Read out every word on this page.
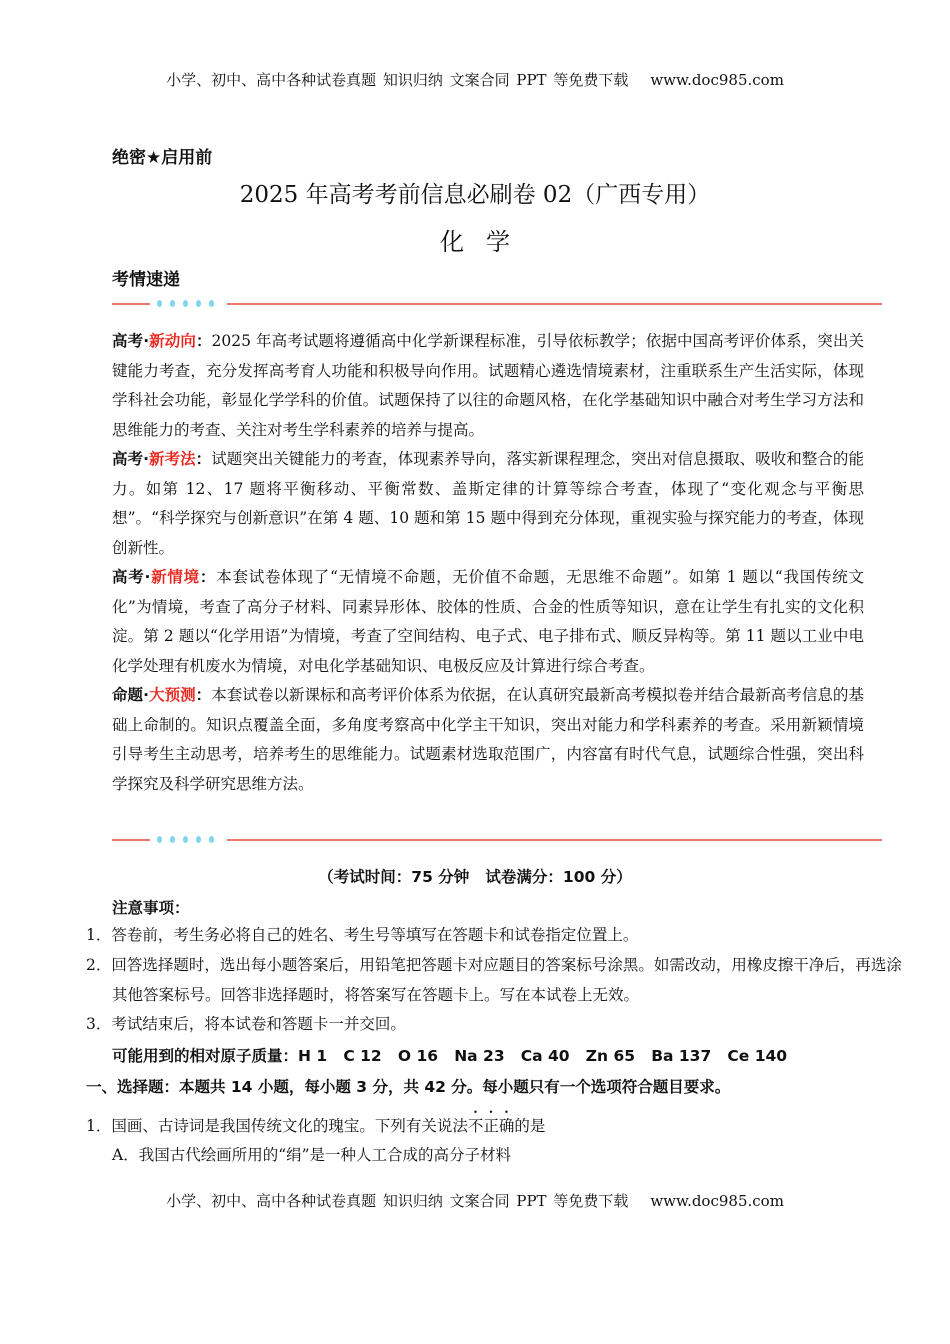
小学、初中、高中各种试卷真题 知识归纳 文案合同 PPT 等免费下载 www.doc985.com
绝密★启用前
2025 年高考考前信息必刷卷 02（广西专用）
化学
考情速递
高考·新动向：2025 年高考试题将遵循高中化学新课程标准，引导依标教学；依据中国高考评价体系，突出关键能力考查，充分发挥高考育人功能和积极导向作用。试题精心遴选情境素材，注重联系生产生活实际，体现学科社会功能，彰显化学学科的价值。试题保持了以往的命题风格，在化学基础知识中融合对考生学习方法和思维能力的考查、关注对考生学科素养的培养与提高。
高考·新考法：试题突出关键能力的考查，体现素养导向，落实新课程理念，突出对信息摄取、吸收和整合的能力。如第 12、17 题将平衡移动、平衡常数、盖斯定律的计算等综合考查，体现了“变化观念与平衡思想”。“科学探究与创新意识”在第 4 题、10 题和第 15 题中得到充分体现，重视实验与探究能力的考查，体现创新性。
高考·新情境：本套试卷体现了“无情境不命题，无价值不命题，无思维不命题”。如第 1 题以“我国传统文化”为情境，考查了高分子材料、同素异形体、胶体的性质、合金的性质等知识，意在让学生有扎实的文化积淀。第 2 题以“化学用语”为情境，考查了空间结构、电子式、电子排布式、顺反异构等。第 11 题以工业中电化学处理有机废水为情境，对电化学基础知识、电极反应及计算进行综合考查。
命题·大预测：本套试卷以新课标和高考评价体系为依据，在认真研究最新高考模拟卷并结合最新高考信息的基础上命制的。知识点覆盖全面，多角度考察高中化学主干知识，突出对能力和学科素养的考查。采用新颖情境引导考生主动思考，培养考生的思维能力。试题素材选取范围广，内容富有时代气息，试题综合性强，突出科学探究及科学研究思维方法。
（考试时间：75 分钟   试卷满分：100 分）
注意事项：
1．答卷前，考生务必将自己的姓名、考生号等填写在答题卡和试卷指定位置上。
2．回答选择题时，选出每小题答案后，用铅笔把答题卡对应题目的答案标号涂黑。如需改动，用橡皮擦干净后，再选涂其他答案标号。回答非选择题时，将答案写在答题卡上。写在本试卷上无效。
3．考试结束后，将本试卷和答题卡一并交回。
可能用到的相对原子质量：H 1   C 12   O 16   Na 23   Ca 40   Zn 65   Ba 137   Ce 140
一、选择题：本题共 14 小题，每小题 3 分，共 42 分。每小题只有一个选项符合题目要求。
1．国画、古诗词是我国传统文化的瑰宝。下列有关说法不正确的是
A．我国古代绘画所用的“绢”是一种人工合成的高分子材料
小学、初中、高中各种试卷真题 知识归纳 文案合同 PPT 等免费下载 www.doc985.com
